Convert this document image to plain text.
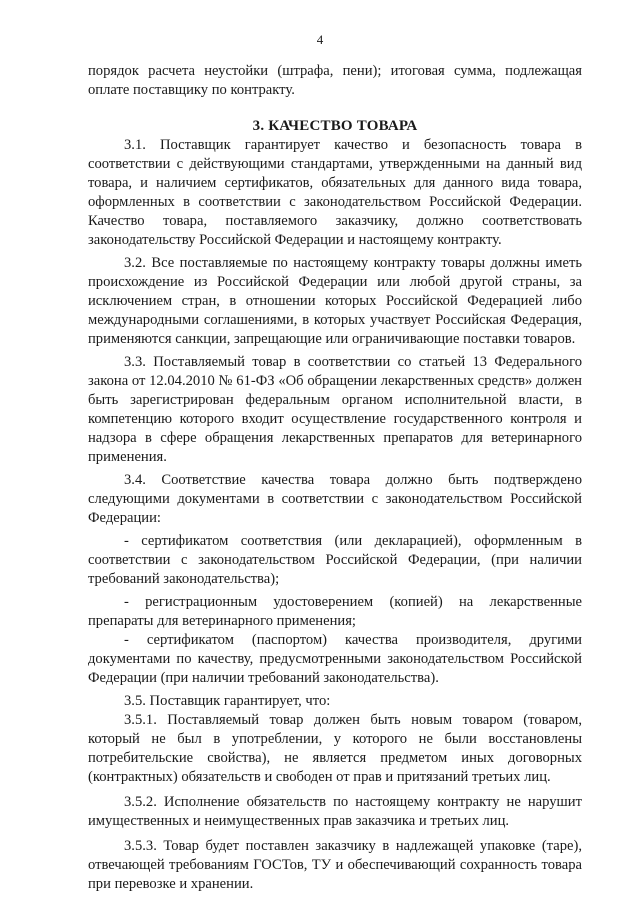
4

порядок расчета неустойки (штрафа, пени); итоговая сумма, подлежащая оплате поставщику по контракту.

3. КАЧЕСТВО ТОВАРА

3.1. Поставщик гарантирует качество и безопасность товара в соответствии с действующими стандартами, утвержденными на данный вид товара, и наличием сертификатов, обязательных для данного вида товара, оформленных в соответствии с законодательством Российской Федерации. Качество товара, поставляемого заказчику, должно соответствовать законодательству Российской Федерации и настоящему контракту.

3.2. Все поставляемые по настоящему контракту товары должны иметь происхождение из Российской Федерации или любой другой страны, за исключением стран, в отношении которых Российской Федерацией либо международными соглашениями, в которых участвует Российская Федерация, применяются санкции, запрещающие или ограничивающие поставки товаров.

3.3. Поставляемый товар в соответствии со статьей 13 Федерального закона от 12.04.2010 № 61-ФЗ «Об обращении лекарственных средств» должен быть зарегистрирован федеральным органом исполнительной власти, в компетенцию которого входит осуществление государственного контроля и надзора в сфере обращения лекарственных препаратов для ветеринарного применения.

3.4. Соответствие качества товара должно быть подтверждено следующими документами в соответствии с законодательством Российской Федерации:

- сертификатом соответствия (или декларацией), оформленным в соответствии с законодательством Российской Федерации, (при наличии требований законодательства);

- регистрационным удостоверением (копией) на лекарственные препараты для ветеринарного применения;

- сертификатом (паспортом) качества производителя, другими документами по качеству, предусмотренными законодательством Российской Федерации (при наличии требований законодательства).

3.5. Поставщик гарантирует, что:

3.5.1. Поставляемый товар должен быть новым товаром (товаром, который не был в употреблении, у которого не были восстановлены потребительские свойства), не является предметом иных договорных (контрактных) обязательств и свободен от прав и притязаний третьих лиц.

3.5.2. Исполнение обязательств по настоящему контракту не нарушит имущественных и неимущественных прав заказчика и третьих лиц.

3.5.3. Товар будет поставлен заказчику в надлежащей упаковке (таре), отвечающей требованиям ГОСТов, ТУ и обеспечивающий сохранность товара при перевозке и хранении.
